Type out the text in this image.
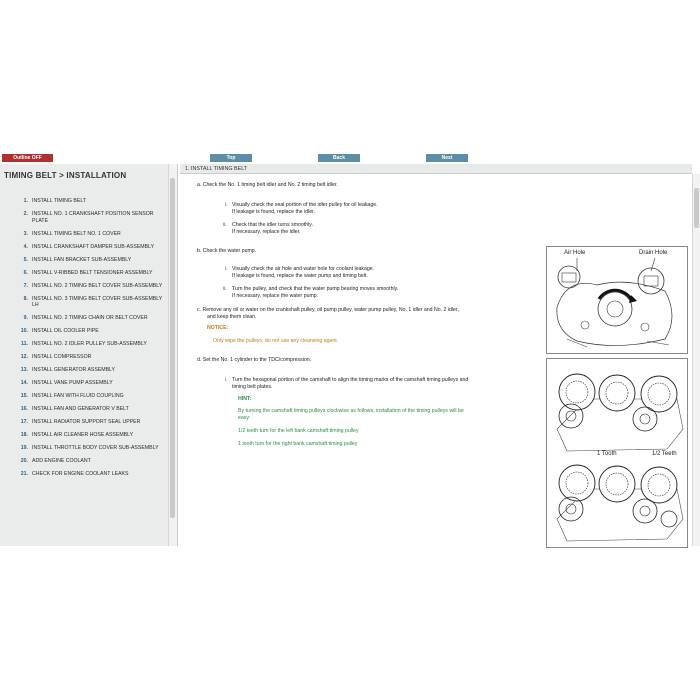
Outline OFF	Top	Back	Next
TIMING BELT > INSTALLATION
1. INSTALL TIMING BELT
2. INSTALL NO. 1 CRANKSHAFT POSITION SENSOR PLATE
3. INSTALL TIMING BELT NO. 1 COVER
4. INSTALL CRANKSHAFT DAMPER SUB-ASSEMBLY
5. INSTALL FAN BRACKET SUB-ASSEMBLY
6. INSTALL V-RIBBED BELT TENSIONER ASSEMBLY
7. INSTALL NO. 2 TIMING BELT COVER SUB-ASSEMBLY
8. INSTALL NO. 3 TIMING BELT COVER SUB-ASSEMBLY LH
9. INSTALL NO. 2 TIMING CHAIN OR BELT COVER
10. INSTALL OIL COOLER PIPE
11. INSTALL NO. 2 IDLER PULLEY SUB-ASSEMBLY
12. INSTALL COMPRESSOR
13. INSTALL GENERATOR ASSEMBLY
14. INSTALL VANE PUMP ASSEMBLY
15. INSTALL FAN WITH FLUID COUPLING
16. INSTALL FAN AND GENERATOR V BELT
17. INSTALL RADIATOR SUPPORT SEAL UPPER
18. INSTALL AIR CLEANER HOSE ASSEMBLY
19. INSTALL THROTTLE BODY COVER SUB-ASSEMBLY
20. ADD ENGINE COOLANT
21. CHECK FOR ENGINE COOLANT LEAKS
1. INSTALL TIMING BELT
a. Check the No. 1 timing belt idler and No. 2 timing belt idler.
i. Visually check the seal portion of the idler pulley for oil leakage.
If leakage is found, replace the idler.
ii. Check that the idler turns smoothly.
If necessary, replace the idler.
b. Check the water pump.
i. Visually check the air hole and water hole for coolant leakage.
If leakage is found, replace the water pump and timing belt.
ii. Turn the pulley, and check that the water pump bearing moves smoothly.
If necessary, replace the water pump.
c. Remove any oil or water on the crankshaft pulley, oil pump pulley, water pump pulley, No. 1 idler and No. 2 idler,
and keep them clean.
NOTICE:
Only wipe the pulleys; do not use any cleansing agent.
d. Set the No. 1 cylinder to the TDC/compression.
i. Turn the hexagonal portion of the camshaft to align the timing marks of the camshaft timing pulleys and
timing belt plates.
HINT:
By turning the camshaft timing pulleys clockwise as follows, installation of the timing pulleys will be
easy:
1/2 teeth turn for the left bank camshaft timing pulley
1 tooth turn for the right bank camshaft timing pulley
Air Hole	Drain Hole
1 Tooth	1/2 Teeth
